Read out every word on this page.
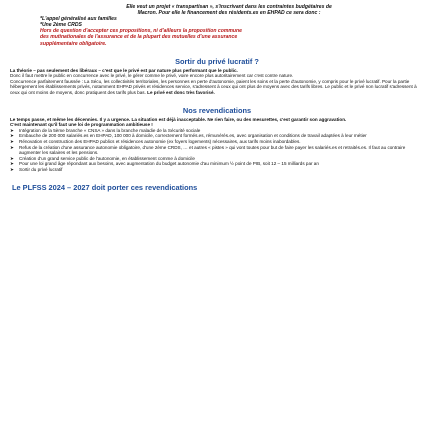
Elle veut un projet « transpartisan », s'inscrivant dans les contraintes budgétaires de

Macron. Pour elle le financement des résidents.es en EHPAD ce sera donc :

*L'appel généralisé aux familles

*Une 2ème CRDS

Hors de question d'accepter ces propositions, ni d'ailleurs la proposition commune

des mutinationales de l'assurance et de la plupart des mutuelles d'une assurance

supplémentaire obligatoire.

Sortir du privé lucratif ?

La théorie – pas seulement des libéraux – c'est que le privé est par nature plus performant que le public.

Donc il faut mettre le public en concurrence avec le privé, le gérer comme le privé, voire encore plus autoritairement car c'est contre nature.

Concurrence parfaitement faussée : La Sécu, les collectivités territoriales, les personnes en perte d'autonomie, paient les soins et la perte d'autonomie, y compris pour le privé lucratif. Pour la partie hébergement les établissements privés, notamment EHPAD privés et résidences service, s'adressent à ceux qui ont plus de moyens avec des tarifs libres. Le public et le privé non lucratif s'adressent à ceux qui ont moins de moyens, donc pratiquent des tarifs plus bas. Le privé est donc très favorisé.

Nos revendications

Le temps passe, et même les décennies. Il y a urgence. La situation est déjà inacceptable. Ne rien faire, ou des mesurettes, c'est garantir son aggravation.

C'est maintenant qu'il faut une loi de programmation ambitieuse !

➤	Intégration de la 5ème branche « CNSA » dans la branche maladie de la Sécurité sociale
➤	Embauche de 200 000 salariés.es en EHPAD, 100 000 à domicile, correctement formés.es, rémunérés.es, avec organisation et conditions de travail adaptées à leur métier
➤	Rénovation et construction des EHPAD publics et résidences autonomie (ex foyers logements) nécessaires, aux tarifs moins inabordables.
➤	Refus de la création d'une assurance autonomie obligatoire, d'une 2ème CRDS, … et autres « pistes » qui vont toutes pour but de faire payer les salariés.es et retraités.es. Il faut au contraire augmenter les salaires et les pensions.
➤	Création d'un grand service public de l'autonomie, en établissement comme à domicile
➤	Pour une loi grand âge répondant aux besoins, avec augmentation du budget autonomie d'au minimum ½ point de PIB, soit 12 – 15 milliards par an
➤	Sortir du privé lucratif
Le PLFSS 2024 – 2027 doit porter ces revendications
